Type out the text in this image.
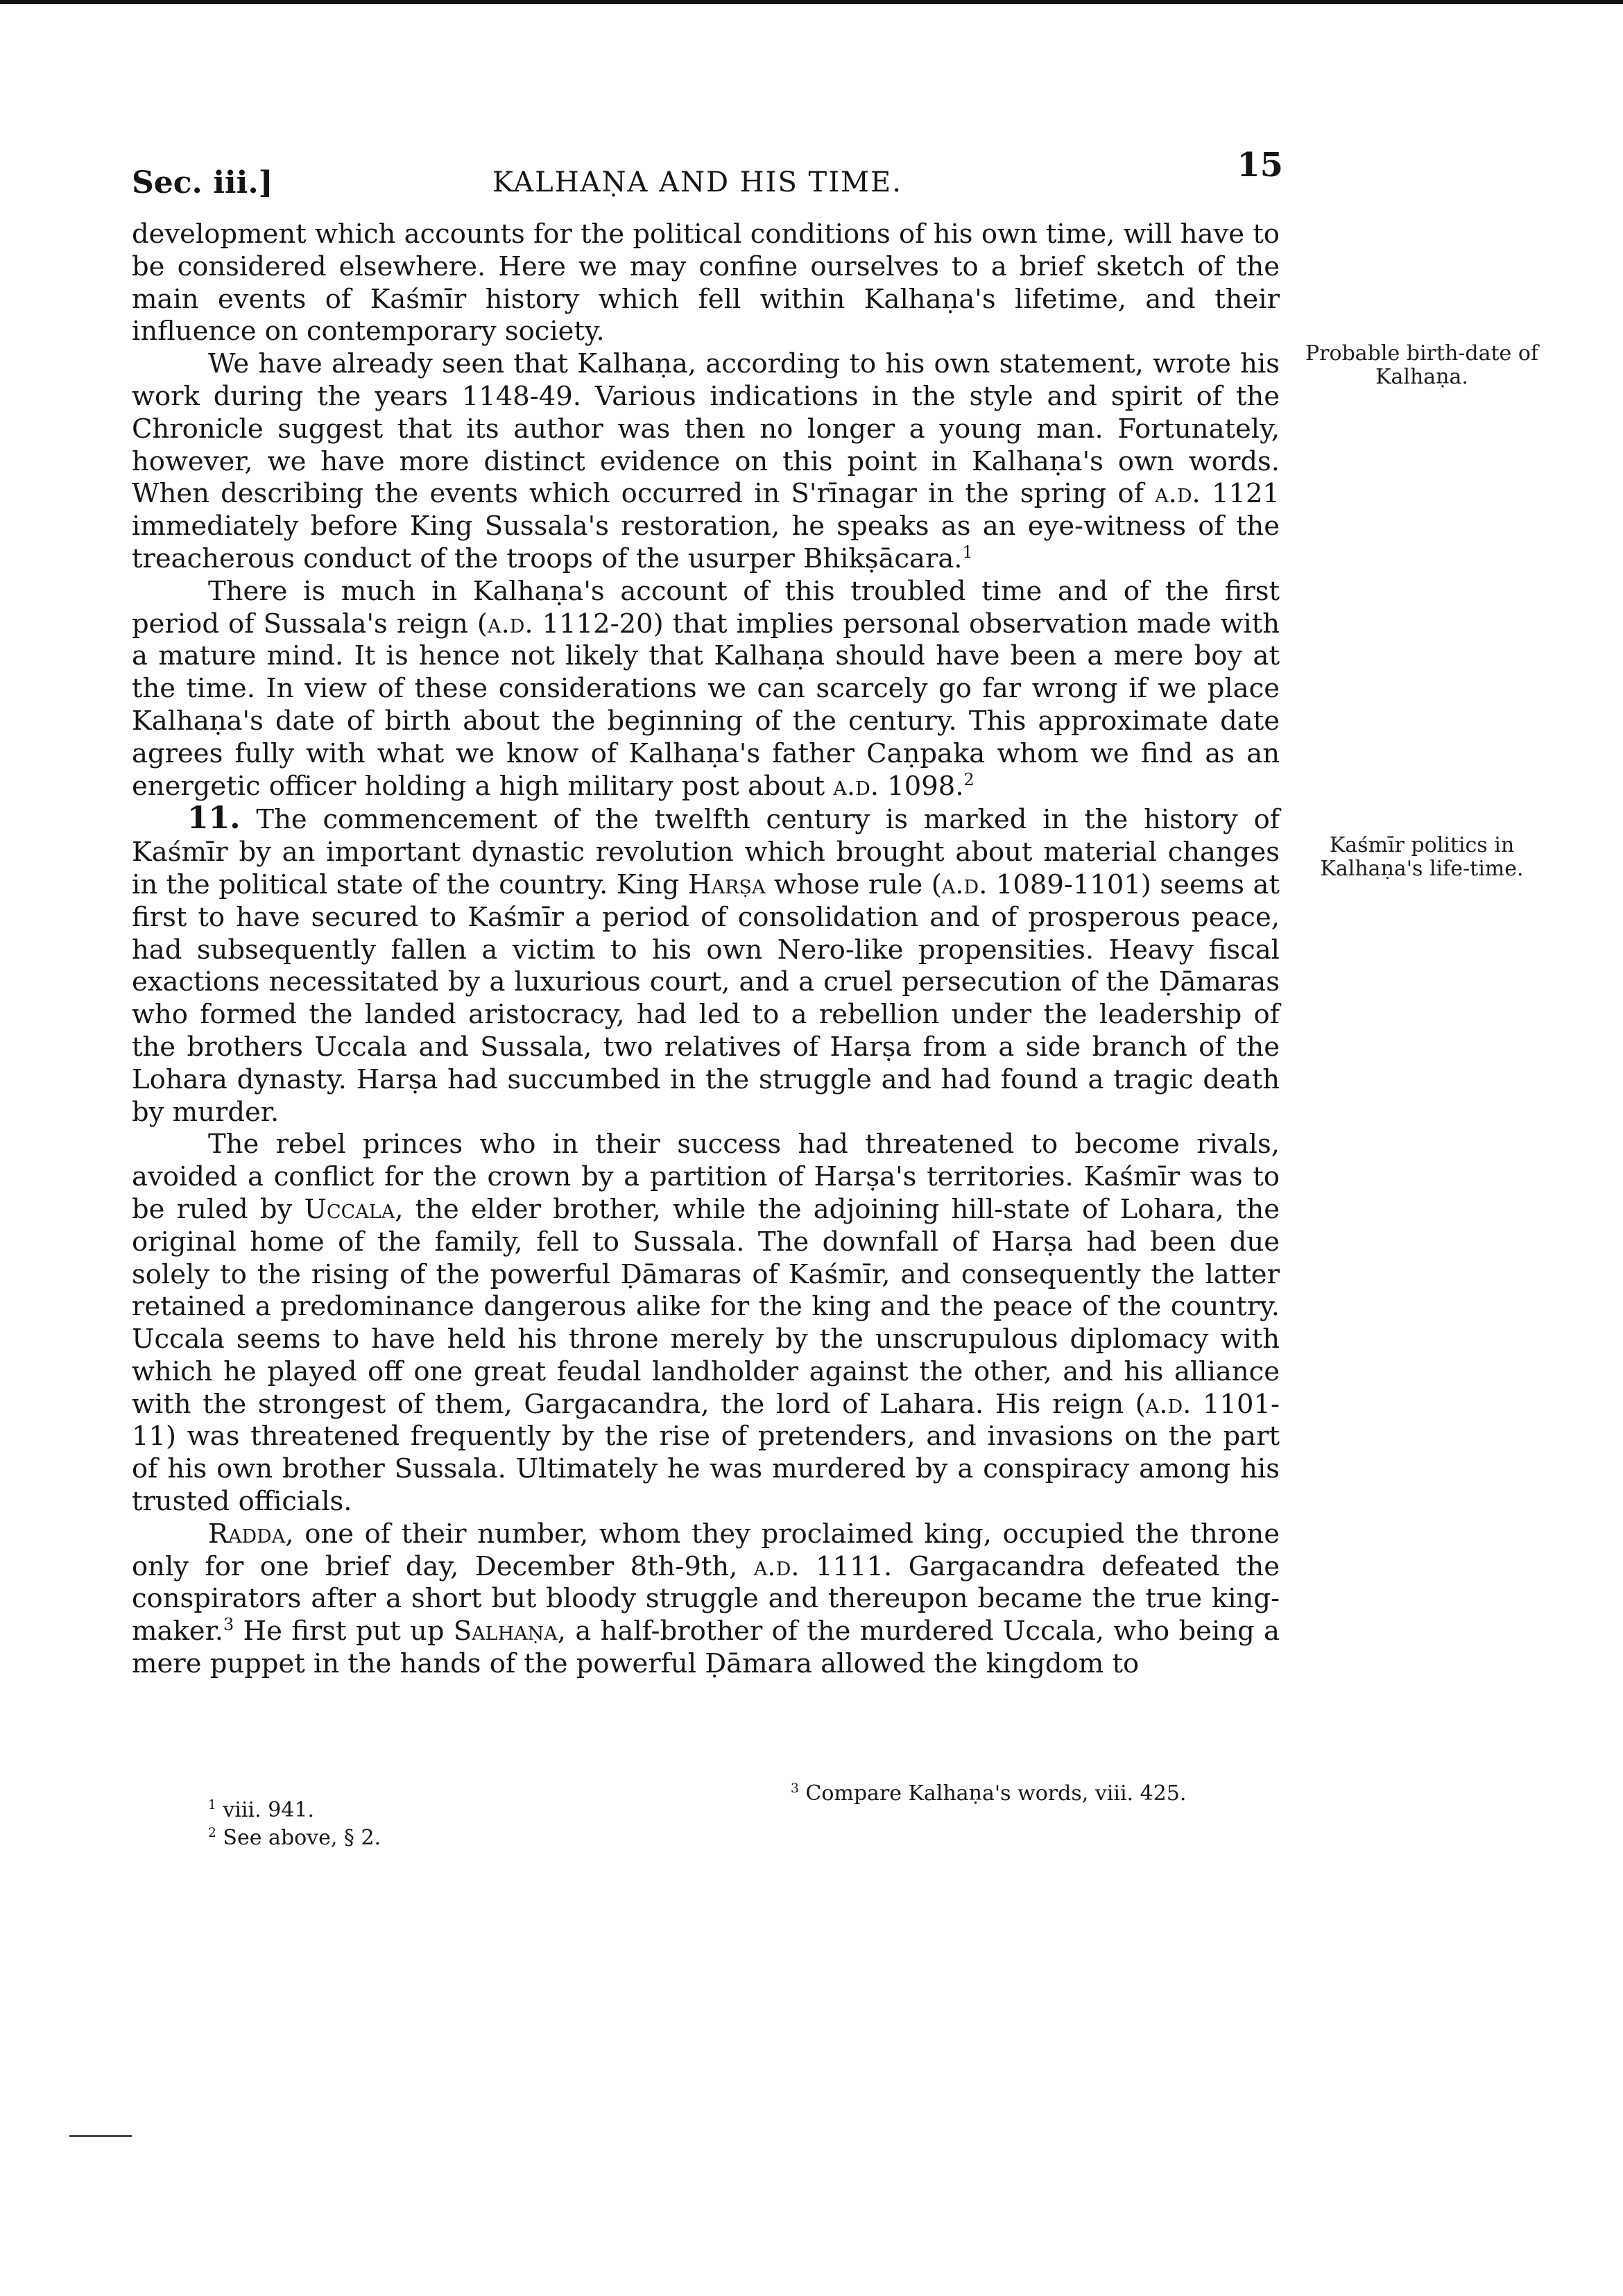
Sec. iii.]	KALHAṆA AND HIS TIME.	15
Probable birth-date of Kalhaṇa.
Kaśmīr politics in Kalhaṇa's life-time.

development which accounts for the political conditions of his own time, will have to be considered elsewhere. Here we may confine ourselves to a brief sketch of the main events of Kaśmīr history which fell within Kalhaṇa's lifetime, and their influence on contemporary society.

We have already seen that Kalhaṇa, according to his own statement, wrote his work during the years 1148-49. Various indications in the style and spirit of the Chronicle suggest that its author was then no longer a young man. Fortunately, however, we have more distinct evidence on this point in Kalhaṇa's own words. When describing the events which occurred in S'rīnagar in the spring of a.d. 1121 immediately before King Sussala's restoration, he speaks as an eye-witness of the treacherous conduct of the troops of the usurper Bhikṣācara.$^1$

There is much in Kalhaṇa's account of this troubled time and of the first period of Sussala's reign (a.d. 1112-20) that implies personal observation made with a mature mind. It is hence not likely that Kalhaṇa should have been a mere boy at the time. In view of these considerations we can scarcely go far wrong if we place Kalhaṇa's date of birth about the beginning of the century. This approximate date agrees fully with what we know of Kalhaṇa's father Caṇpaka whom we find as an energetic officer holding a high military post about a.d. 1098.$^2$

11. The commencement of the twelfth century is marked in the history of Kaśmīr by an important dynastic revolution which brought about material changes in the political state of the country. King Harṣa whose rule (a.d. 1089-1101) seems at first to have secured to Kaśmīr a period of consolidation and of prosperous peace, had subsequently fallen a victim to his own Nero-like propensities. Heavy fiscal exactions necessitated by a luxurious court, and a cruel persecution of the Ḍāmaras who formed the landed aristocracy, had led to a rebellion under the leadership of the brothers Uccala and Sussala, two relatives of Harṣa from a side branch of the Lohara dynasty. Harṣa had succumbed in the struggle and had found a tragic death by murder.

The rebel princes who in their success had threatened to become rivals, avoided a conflict for the crown by a partition of Harṣa's territories. Kaśmīr was to be ruled by Uccala, the elder brother, while the adjoining hill-state of Lohara, the original home of the family, fell to Sussala. The downfall of Harṣa had been due solely to the rising of the powerful Ḍāmaras of Kaśmīr, and consequently the latter retained a predominance dangerous alike for the king and the peace of the country. Uccala seems to have held his throne merely by the unscrupulous diplomacy with which he played off one great feudal landholder against the other, and his alliance with the strongest of them, Gargacandra, the lord of Lahara. His reign (a.d. 1101-11) was threatened frequently by the rise of pretenders, and invasions on the part of his own brother Sussala. Ultimately he was murdered by a conspiracy among his trusted officials.

Radda, one of their number, whom they proclaimed king, occupied the throne only for one brief day, December 8th-9th, a.d. 1111. Gargacandra defeated the conspirators after a short but bloody struggle and thereupon became the true king-maker.$^3$ He first put up Salhaṇa, a half-brother of the murdered Uccala, who being a mere puppet in the hands of the powerful Ḍāmara allowed the kingdom to

$^1$ viii. 941.
$^2$ See above, § 2.
$^3$ Compare Kalhaṇa's words, viii. 425.
